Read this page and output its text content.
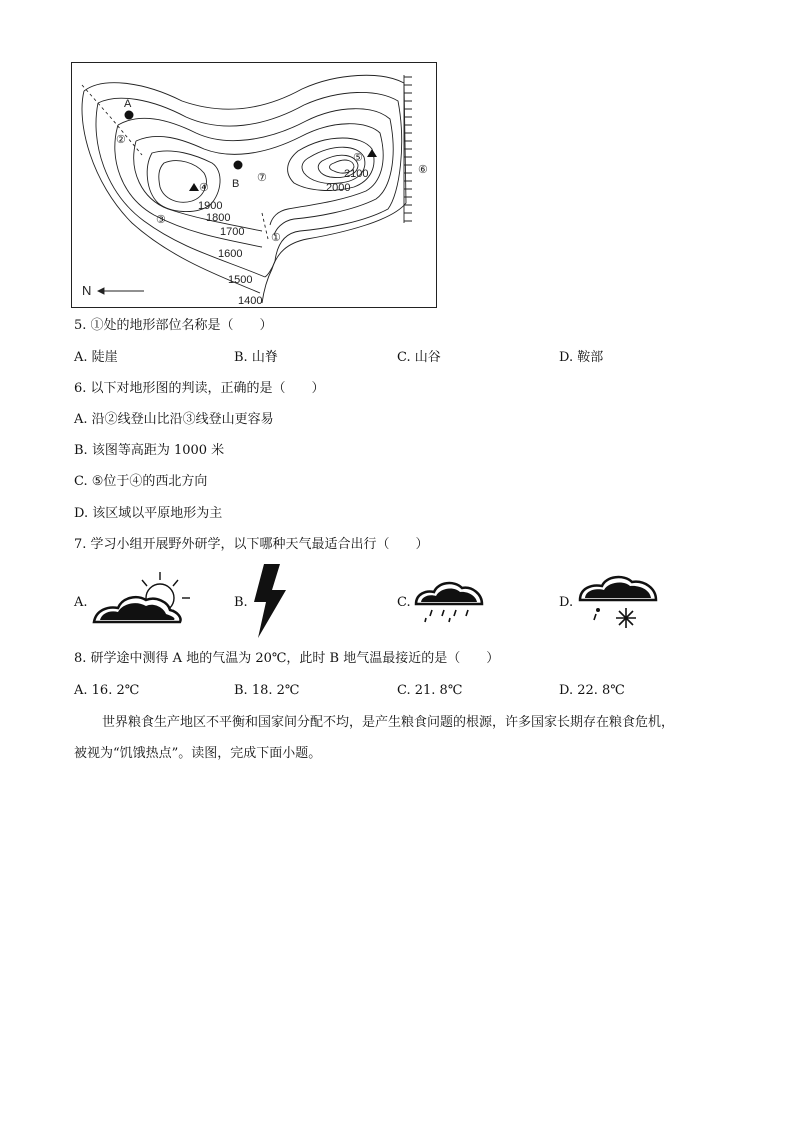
A
B
②
③
④
⑤
⑥
⑦
①
1400
1500
1600
1700
1800
1900
2000
2100
N
5. ①处的地形部位名称是（　　）
A. 陡崖	B. 山脊	C. 山谷	D. 鞍部
6. 以下对地形图的判读，正确的是（　　）
A. 沿②线登山比沿③线登山更容易
B. 该图等高距为 1000 米
C. ⑤位于④的西北方向
D. 该区域以平原地形为主
7. 学习小组开展野外研学，以下哪种天气最适合出行（　　）
A.	B.	C.	D.
8. 研学途中测得 A 地的气温为 20℃，此时 B 地气温最接近的是（　　）
A. 16. 2℃	B. 18. 2℃	C. 21. 8℃	D. 22. 8℃
世界粮食生产地区不平衡和国家间分配不均，是产生粮食问题的根源，许多国家长期存在粮食危机，
被视为“饥饿热点”。读图，完成下面小题。
